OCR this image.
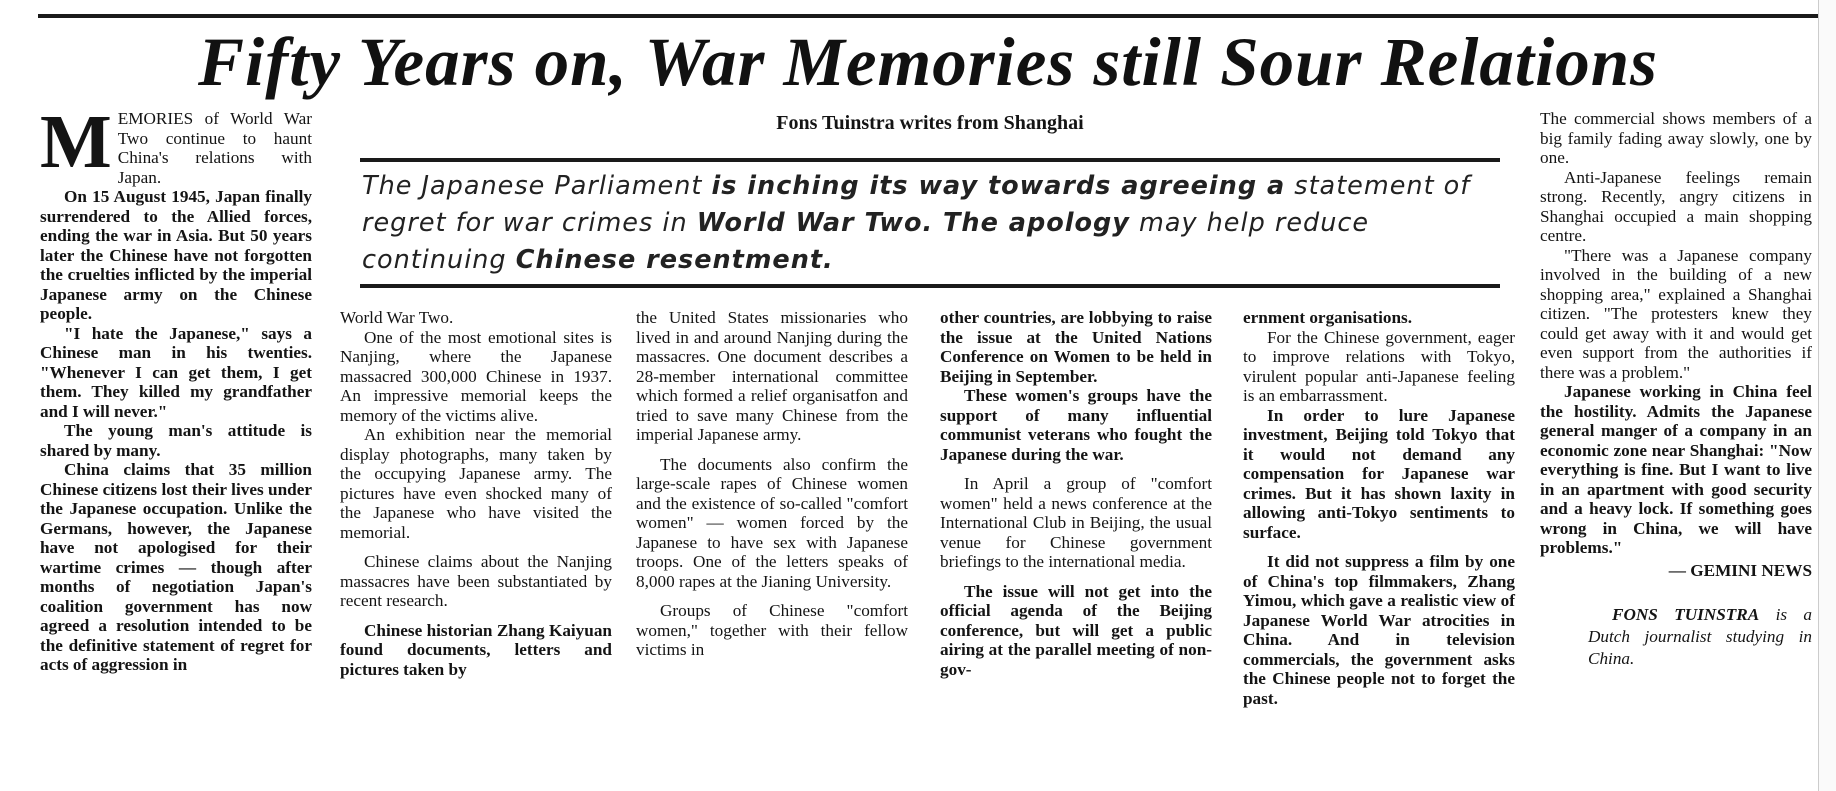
Fifty Years on, War Memories still Sour Relations

MEMORIES of World War Two continue to haunt China's relations with Japan.

On 15 August 1945, Japan finally surrendered to the Allied forces, ending the war in Asia. But 50 years later the Chinese have not forgotten the cruelties inflicted by the imperial Japanese army on the Chinese people.

"I hate the Japanese," says a Chinese man in his twenties. "Whenever I can get them, I get them. They killed my grandfather and I will never."

The young man's attitude is shared by many.

China claims that 35 million Chinese citizens lost their lives under the Japanese occupation. Unlike the Germans, however, the Japanese have not apologised for their wartime crimes — though after months of negotiation Japan's coalition government has now agreed a resolution intended to be the definitive statement of regret for acts of aggression in

Fons Tuinstra writes from Shanghai
The Japanese Parliament is inching its way towards agreeing a statement of regret for war crimes in World War Two. The apology may help reduce continuing Chinese resentment.

World War Two.

One of the most emotional sites is Nanjing, where the Japanese massacred 300,000 Chinese in 1937. An impressive memorial keeps the memory of the victims alive.

An exhibition near the memorial display photographs, many taken by the occupying Japanese army. The pictures have even shocked many of the Japanese who have visited the memorial.

Chinese claims about the Nanjing massacres have been substantiated by recent research.

Chinese historian Zhang Kaiyuan found documents, letters and pictures taken by

the United States missionaries who lived in and around Nanjing during the massacres. One document describes a 28-member international committee which formed a relief organisatfon and tried to save many Chinese from the imperial Japanese army.

The documents also confirm the large-scale rapes of Chinese women and the existence of so-called "comfort women" — women forced by the Japanese to have sex with Japanese troops. One of the letters speaks of 8,000 rapes at the Jianing University.

Groups of Chinese "comfort women," together with their fellow victims in

other countries, are lobbying to raise the issue at the United Nations Conference on Women to be held in Beijing in September.

These women's groups have the support of many influential communist veterans who fought the Japanese during the war.

In April a group of "comfort women" held a news conference at the International Club in Beijing, the usual venue for Chinese government briefings to the international media.

The issue will not get into the official agenda of the Beijing conference, but will get a public airing at the parallel meeting of non-gov-

ernment organisations.

For the Chinese government, eager to improve relations with Tokyo, virulent popular anti-Japanese feeling is an embarrassment.

In order to lure Japanese investment, Beijing told Tokyo that it would not demand any compensation for Japanese war crimes. But it has shown laxity in allowing anti-Tokyo sentiments to surface.

It did not suppress a film by one of China's top filmmakers, Zhang Yimou, which gave a realistic view of Japanese World War atrocities in China. And in television commercials, the government asks the Chinese people not to forget the past.

The commercial shows members of a big family fading away slowly, one by one.

Anti-Japanese feelings remain strong. Recently, angry citizens in Shanghai occupied a main shopping centre.

"There was a Japanese company involved in the building of a new shopping area," explained a Shanghai citizen. "The protesters knew they could get away with it and would get even support from the authorities if there was a problem."

Japanese working in China feel the hostility. Admits the Japanese general manger of a company in an economic zone near Shanghai: "Now everything is fine. But I want to live in an apartment with good security and a heavy lock. If something goes wrong in China, we will have problems."

— GEMINI NEWS

FONS TUINSTRA is a Dutch journalist studying in China.
